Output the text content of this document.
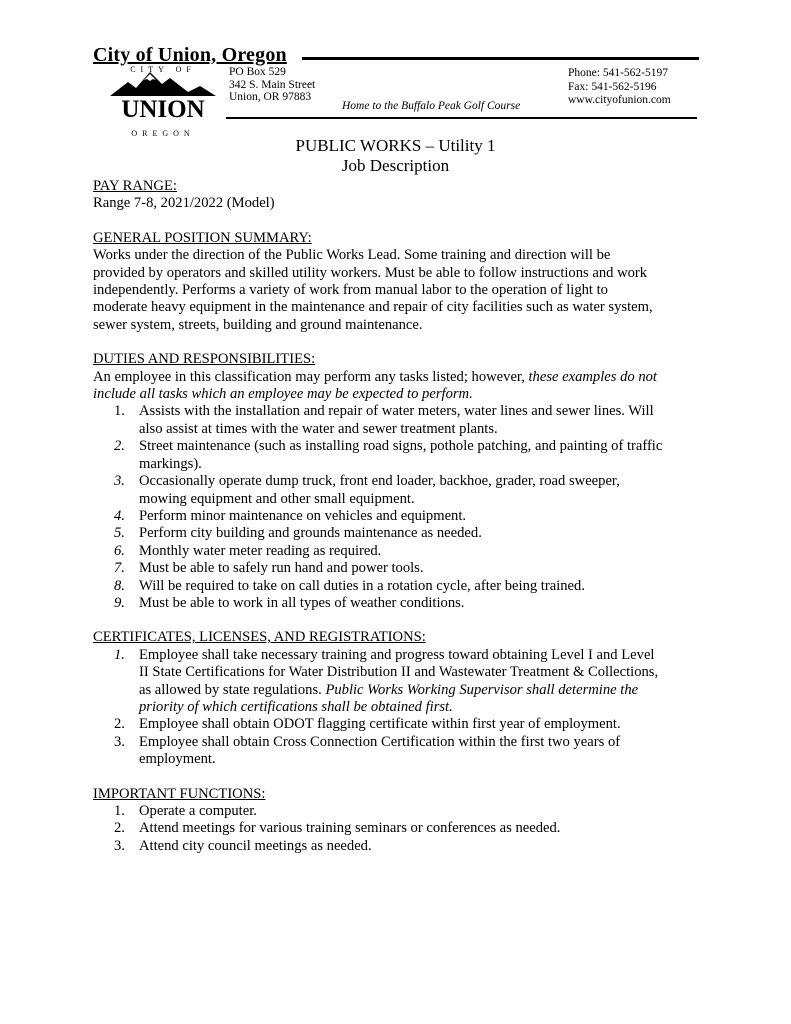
City of Union, Oregon
CITY OF
UNION
OREGON
PO Box 529
342 S. Main Street
Union, OR 97883
Phone: 541-562-5197
Fax: 541-562-5196
www.cityofunion.com
Home to the Buffalo Peak Golf Course
PUBLIC WORKS – Utility 1
Job Description
PAY RANGE:
Range 7-8, 2021/2022 (Model)
GENERAL POSITION SUMMARY:
Works under the direction of the Public Works Lead. Some training and direction will be
provided by operators and skilled utility workers. Must be able to follow instructions and work
independently. Performs a variety of work from manual labor to the operation of light to
moderate heavy equipment in the maintenance and repair of city facilities such as water system,
sewer system, streets, building and ground maintenance.
DUTIES AND RESPONSIBILITIES:
An employee in this classification may perform any tasks listed; however, these examples do not
include all tasks which an employee may be expected to perform.
1. Assists with the installation and repair of water meters, water lines and sewer lines. Will
also assist at times with the water and sewer treatment plants.
2. Street maintenance (such as installing road signs, pothole patching, and painting of traffic
markings).
3. Occasionally operate dump truck, front end loader, backhoe, grader, road sweeper,
mowing equipment and other small equipment.
4. Perform minor maintenance on vehicles and equipment.
5. Perform city building and grounds maintenance as needed.
6. Monthly water meter reading as required.
7. Must be able to safely run hand and power tools.
8. Will be required to take on call duties in a rotation cycle, after being trained.
9. Must be able to work in all types of weather conditions.
CERTIFICATES, LICENSES, AND REGISTRATIONS:
1. Employee shall take necessary training and progress toward obtaining Level I and Level
II State Certifications for Water Distribution II and Wastewater Treatment & Collections,
as allowed by state regulations. Public Works Working Supervisor shall determine the
priority of which certifications shall be obtained first.
2. Employee shall obtain ODOT flagging certificate within first year of employment.
3. Employee shall obtain Cross Connection Certification within the first two years of
employment.
IMPORTANT FUNCTIONS:
1. Operate a computer.
2. Attend meetings for various training seminars or conferences as needed.
3. Attend city council meetings as needed.
